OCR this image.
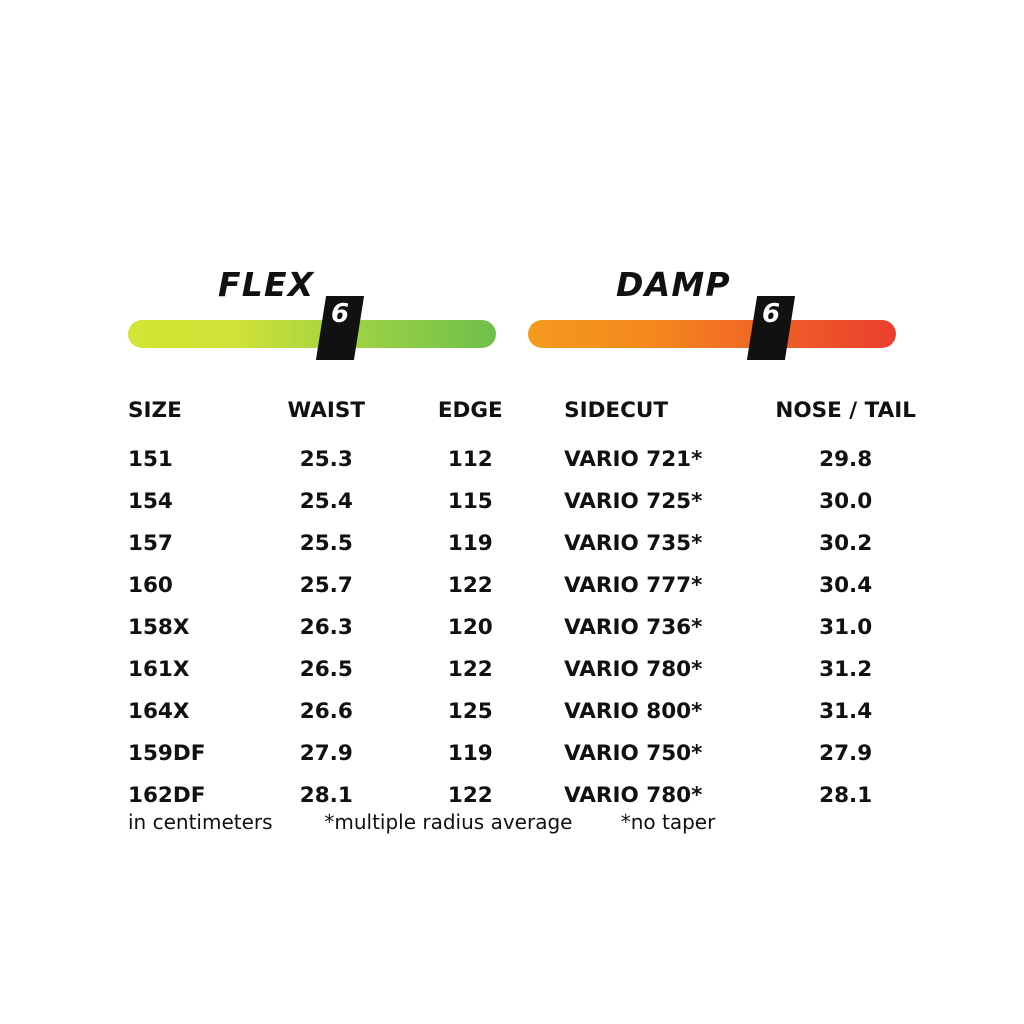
FLEX
6
DAMP
6
SIZE	WAIST	EDGE	SIDECUT	NOSE / TAIL
151	25.3	112	VARIO 721*	29.8
154	25.4	115	VARIO 725*	30.0
157	25.5	119	VARIO 735*	30.2
160	25.7	122	VARIO 777*	30.4
158X	26.3	120	VARIO 736*	31.0
161X	26.5	122	VARIO 780*	31.2
164X	26.6	125	VARIO 800*	31.4
159DF	27.9	119	VARIO 750*	27.9
162DF	28.1	122	VARIO 780*	28.1
in centimeters	*multiple radius average *no taper
